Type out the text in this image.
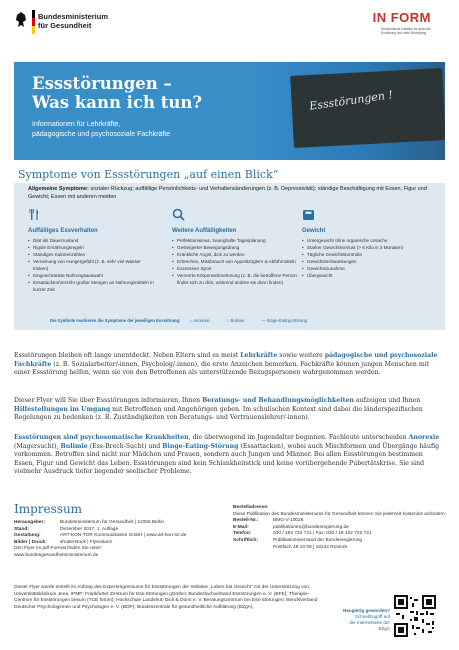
Bundesministerium
für Gesundheit
IN FORM
Deutschlands Initiative für gesunde Ernährung und mehr Bewegung
Essstörungen !
Essstörungen –
Was kann ich tun?
Informationen für Lehrkräfte,
pädagogische und psychosoziale Fachkräfte
Symptome von Essstörungen „auf einen Blick“
Allgemeine Symptome: sozialer Rückzug; auffällige Persönlichkeits- und Verhaltensänderungen (z. B. Depressivität); ständige Beschäftigung mit Essen, Figur und Gewicht; Essen mit anderen meiden
Auffälliges Essverhalten
• Diät als Dauerzustand
• Rigide Ernährungsregeln
• Ständiges Kalorienzählen
• Verneinung von Hungergefühl (z. B. sehr viel Wasser trinken)
• Eingeschränkte Nahrungsauswahl
• Essattacken/Verzehr großer Mengen an Nahrungsmitteln in kurzer Zeit
Weitere Auffälligkeiten
• Perfektionismus, zwanghafte Tagesplanung
• Gesteigerter Bewegungsdrang
• Kränkliche Angst, dick zu werden
• Erbrechen, Missbrauch von Appetitzüglern & Abführmitteln
• Exzessiver Sport
• Verzerrte Körperwahrnehmung (z. B. die betroffene Person findet sich zu dick, während andere sie dünn finden)
Gewicht
• Untergewicht ohne organische Ursache
• Starker Gewichtsverlust (> 6 Kilo in 3 Monaten)
• Tägliche Gewichtskontrolle
• Gewichtsschwankungen
• Gewichtszunahme
• Übergewicht
Die Symbole markieren die Symptome der jeweiligen Essstörung: ○ Anorexie	□ Bulimie	— Binge-Eating-Störung
Essstörungen bleiben oft lange unentdeckt. Neben Eltern sind es meist Lehrkräfte sowie weitere pädagogische und psychosoziale Fachkräfte (z. B. Sozialarbeiter/-innen, Psycholog/-innen), die erste Anzeichen bemerken. Fachkräfte können jungen Menschen mit einer Essstörung helfen, wenn sie von den Betroffenen als unterstützende Bezugspersonen wahrgenommen werden.
Dieser Flyer will Sie über Essstörungen informieren, Ihnen Beratungs- und Behandlungsmöglichkeiten aufzeigen und Ihnen Hilfestellungen im Umgang mit Betroffenen und Angehörigen geben. Im schulischen Kontext sind dabei die länderspezifischen Regelungen zu bedenken (z. B. Zuständigkeiten von Beratungs- und Vertrauenslehrer/-innen).
Essstörungen sind psychosomatische Krankheiten, die überwiegend im Jugendalter beginnen. Fachleute unterscheiden Anorexie (Magersucht), Bulimie (Ess-Brech-Sucht) und Binge-Eating-Störung (Essattacken), wobei auch Mischformen und Übergänge häufig vorkommen. Betroffen sind nicht nur Mädchen und Frauen, sondern auch Jungen und Männer. Bei allen Essstörungen bestimmen Essen, Figur und Gewicht das Leben. Essstörungen sind kein Schlankheitstick und keine vorübergehende Pubertätskrise. Sie sind vielmehr Ausdruck tiefer liegender seelischer Probleme.
Impressum
Herausgeber:	Bundesministerium für Gesundheit | 11055 Berlin
Stand:	Dezember 2017, 1. Auflage
Gestaltung:	ART-KON-TOR Kommunikation GmbH | www.art-kon-tor.de
Bilder | Druck:	shutterstock | Flyeralarm
Den Flyer im pdf-Format finden Sie unter:
www.bundesgesundheitsministerium.de
Bestelladresse:
Diese Publikation des Bundesministeriums für Gesundheit können Sie jederzeit kostenlos anfordern:
Bestell-Nr.:	BMG-V-10026
E-Mail:	publikationen@bundesregierung.de
Telefon:	030 / 182 722 721 | Fax: 030 / 18 102 722 721
Schriftlich:	Publikationsversand der Bundesregierung
Postfach 48 10 09 | 18132 Rostock
Dieser Flyer wurde erstellt im Auftrag des Expertengremiums für Essstörungen der Initiative „Leben hat Gewicht“ mit der Unterstützung von: Universitätsklinikum Jena, IPMP; Frankfurter Zentrum für Ess-Störungen gGmbH; Bundesfachverband Essstörungen e. V. (BFE); Therapie-Centrum für Essstörungen besum (TCE forum); Hochschule Landshut; Dick & Dünn e. V. Beratungszentrum bei Ess-Störungen; Berufsverband Deutscher Psychologinnen und Psychologen e. V. (BDP); Bundeszentrale für gesundheitliche Aufklärung (BZgA).
Neugierig geworden?
Schnellzugriff auf
die Internetseite der BZgA
